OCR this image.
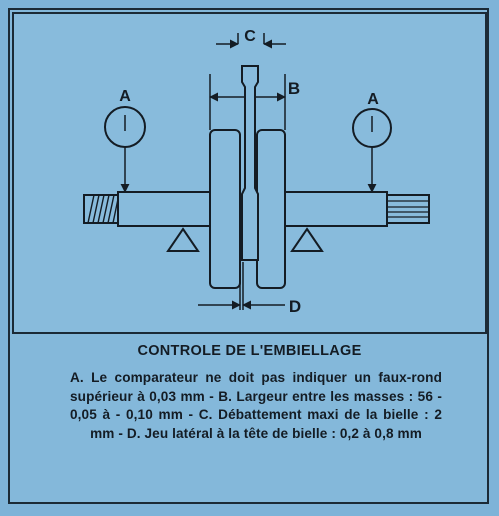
C
B
A	A
D
CONTROLE DE L'EMBIELLAGE
A. Le comparateur ne doit pas indiquer un faux-rond supérieur à 0,03 mm - B. Largeur entre les masses : 56 - 0,05 à - 0,10 mm - C. Débattement maxi de la bielle : 2 mm - D. Jeu latéral à la tête de bielle : 0,2 à 0,8 mm
